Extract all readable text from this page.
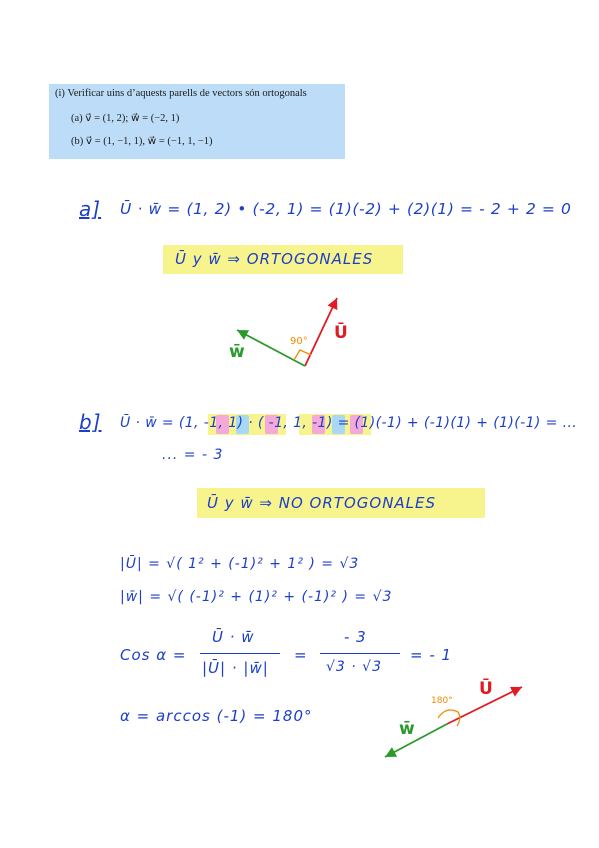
(i) Verificar uins d’aquests parells de vectors són ortogonals
(a) v⃗ = (1, 2); w⃗ = (−2, 1)
(b) v⃗ = (1, −1, 1), w⃗ = (−1, 1, −1)
a] Ū · w̄ = (1, 2) • (-2, 1) = (1)(-2) + (2)(1) = - 2 + 2 = 0
Ū y w̄ ⇒ ORTOGONALES
90° Ū
w̄
b] Ū · w̄ = (1, -1, 1) · ( -1, 1, -1) = (1)(-1) + (-1)(1) + (1)(-1) = ...
... = - 3
Ū y w̄ ⇒ NO ORTOGONALES
|Ū| = √( 1² + (-1)² + 1² ) = √3
|w̄| = √( (-1)² + (1)² + (-1)² ) = √3
Cos α =
Ū · w̄
|Ū| · |w̄|
=
- 3
√3 · √3
= - 1
α = arccos (-1) = 180°
180°
Ū
w̄
